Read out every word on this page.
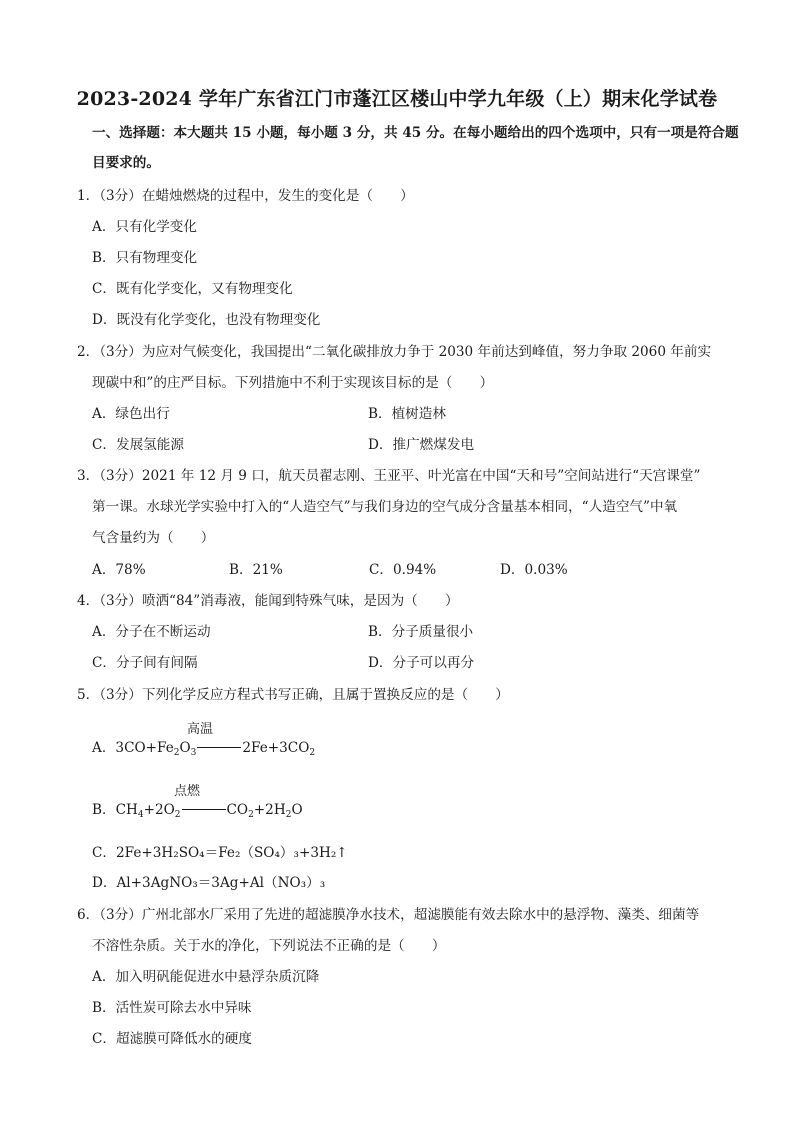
2023-2024 学年广东省江门市蓬江区楼山中学九年级（上）期末化学试卷
一、选择题：本大题共 15 小题，每小题 3 分，共 45 分。在每小题给出的四个选项中，只有一项是符合题
目要求的。
1．（3分）在蜡烛燃烧的过程中，发生的变化是（　　）
A．只有化学变化
B．只有物理变化
C．既有化学变化，又有物理变化
D．既没有化学变化，也没有物理变化
2．（3分）为应对气候变化，我国提出“二氧化碳排放力争于 2030 年前达到峰值，努力争取 2060 年前实
现碳中和”的庄严目标。下列措施中不利于实现该目标的是（　　）
A．绿色出行	B．植树造林
C．发展氢能源	D．推广燃煤发电
3．（3分）2021 年 12 月 9 口，航天员翟志刚、王亚平、叶光富在中国“天和号”空间站进行“天宫课堂”
第一课。水球光学实验中打入的“人造空气”与我们身边的空气成分含量基本相同，“人造空气”中氧
气含量约为（　　）
A．78%	B．21%	C．0.94%	D．0.03%
4．（3分）喷洒“84”消毒液，能闻到特殊气味，是因为（　　）
A．分子在不断运动	B．分子质量很小
C．分子间有间隔	D．分子可以再分
5．（3分）下列化学反应方程式书写正确，且属于置换反应的是（　　）
高温
A．$3CO+Fe_2O_3$	$2Fe+3CO_2$
点燃
B．$CH_4+2O_2$	$CO_2+2H_2O$
C．2Fe+3H₂SO₄＝Fe₂（SO₄）₃+3H₂↑
D．Al+3AgNO₃＝3Ag+Al（NO₃）₃
6．（3分）广州北部水厂采用了先进的超滤膜净水技术，超滤膜能有效去除水中的悬浮物、藻类、细菌等
不溶性杂质。关于水的净化，下列说法不正确的是（　　）
A．加入明矾能促进水中悬浮杂质沉降
B．活性炭可除去水中异味
C．超滤膜可降低水的硬度
